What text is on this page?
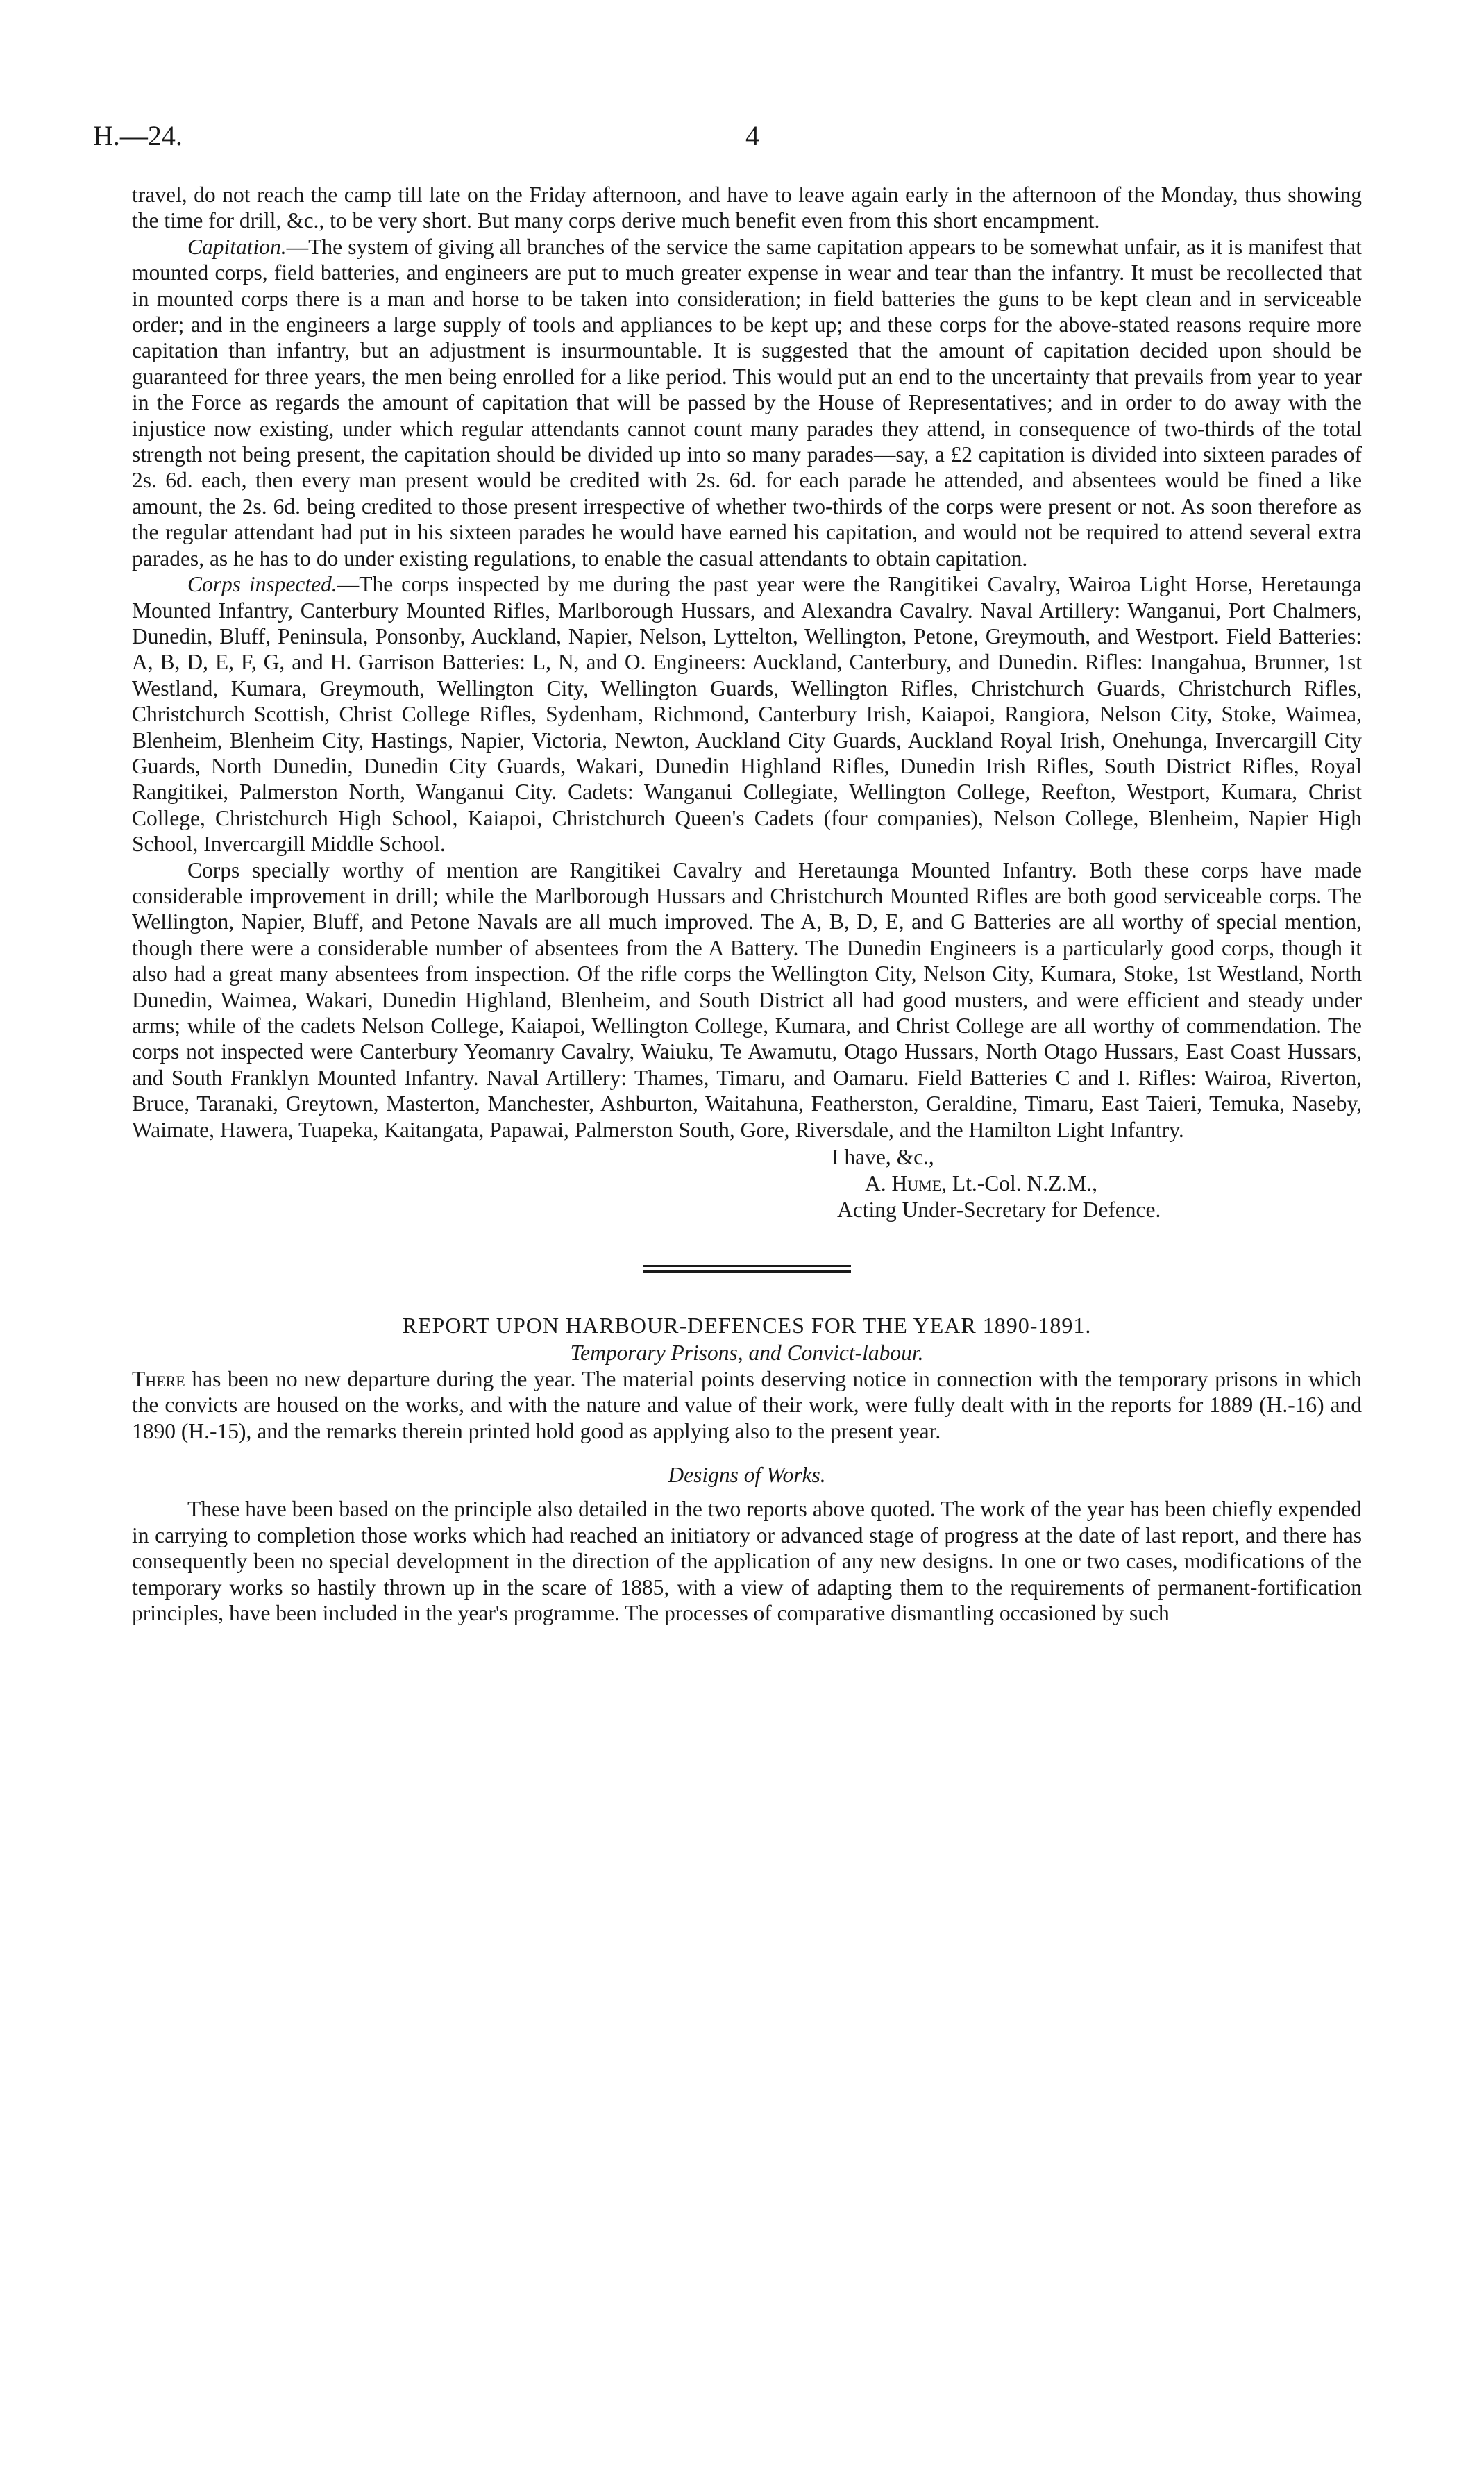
H.—24.	4

travel, do not reach the camp till late on the Friday afternoon, and have to leave again early in the afternoon of the Monday, thus showing the time for drill, &c., to be very short. But many corps derive much benefit even from this short encampment.

Capitation.—The system of giving all branches of the service the same capitation appears to be somewhat unfair, as it is manifest that mounted corps, field batteries, and engineers are put to much greater expense in wear and tear than the infantry. It must be recollected that in mounted corps there is a man and horse to be taken into consideration; in field batteries the guns to be kept clean and in serviceable order; and in the engineers a large supply of tools and appliances to be kept up; and these corps for the above-stated reasons require more capitation than infantry, but an adjustment is insurmountable. It is suggested that the amount of capitation decided upon should be guaranteed for three years, the men being enrolled for a like period. This would put an end to the uncertainty that prevails from year to year in the Force as regards the amount of capitation that will be passed by the House of Representatives; and in order to do away with the injustice now existing, under which regular attendants cannot count many parades they attend, in consequence of two-thirds of the total strength not being present, the capitation should be divided up into so many parades—say, a £2 capitation is divided into sixteen parades of 2s. 6d. each, then every man present would be credited with 2s. 6d. for each parade he attended, and absentees would be fined a like amount, the 2s. 6d. being credited to those present irrespective of whether two-thirds of the corps were present or not. As soon therefore as the regular attendant had put in his sixteen parades he would have earned his capitation, and would not be required to attend several extra parades, as he has to do under existing regulations, to enable the casual attendants to obtain capitation.

Corps inspected.—The corps inspected by me during the past year were the Rangitikei Cavalry, Wairoa Light Horse, Heretaunga Mounted Infantry, Canterbury Mounted Rifles, Marlborough Hussars, and Alexandra Cavalry. Naval Artillery: Wanganui, Port Chalmers, Dunedin, Bluff, Peninsula, Ponsonby, Auckland, Napier, Nelson, Lyttelton, Wellington, Petone, Greymouth, and Westport. Field Batteries: A, B, D, E, F, G, and H. Garrison Batteries: L, N, and O. Engineers: Auckland, Canterbury, and Dunedin. Rifles: Inangahua, Brunner, 1st Westland, Kumara, Greymouth, Wellington City, Wellington Guards, Wellington Rifles, Christchurch Guards, Christchurch Rifles, Christchurch Scottish, Christ College Rifles, Sydenham, Richmond, Canterbury Irish, Kaiapoi, Rangiora, Nelson City, Stoke, Waimea, Blenheim, Blenheim City, Hastings, Napier, Victoria, Newton, Auckland City Guards, Auckland Royal Irish, Onehunga, Invercargill City Guards, North Dunedin, Dunedin City Guards, Wakari, Dunedin Highland Rifles, Dunedin Irish Rifles, South District Rifles, Royal Rangitikei, Palmerston North, Wanganui City. Cadets: Wanganui Collegiate, Wellington College, Reefton, Westport, Kumara, Christ College, Christchurch High School, Kaiapoi, Christchurch Queen's Cadets (four companies), Nelson College, Blenheim, Napier High School, Invercargill Middle School.

Corps specially worthy of mention are Rangitikei Cavalry and Heretaunga Mounted Infantry. Both these corps have made considerable improvement in drill; while the Marlborough Hussars and Christchurch Mounted Rifles are both good serviceable corps. The Wellington, Napier, Bluff, and Petone Navals are all much improved. The A, B, D, E, and G Batteries are all worthy of special mention, though there were a considerable number of absentees from the A Battery. The Dunedin Engineers is a particularly good corps, though it also had a great many absentees from inspection. Of the rifle corps the Wellington City, Nelson City, Kumara, Stoke, 1st Westland, North Dunedin, Waimea, Wakari, Dunedin Highland, Blenheim, and South District all had good musters, and were efficient and steady under arms; while of the cadets Nelson College, Kaiapoi, Wellington College, Kumara, and Christ College are all worthy of commendation. The corps not inspected were Canterbury Yeomanry Cavalry, Waiuku, Te Awamutu, Otago Hussars, North Otago Hussars, East Coast Hussars, and South Franklyn Mounted Infantry. Naval Artillery: Thames, Timaru, and Oamaru. Field Batteries C and I. Rifles: Wairoa, Riverton, Bruce, Taranaki, Greytown, Masterton, Manchester, Ashburton, Waitahuna, Featherston, Geraldine, Timaru, East Taieri, Temuka, Naseby, Waimate, Hawera, Tuapeka, Kaitangata, Papawai, Palmerston South, Gore, Riversdale, and the Hamilton Light Infantry.

I have, &c.,
A. Hume, Lt.-Col. N.Z.M.,
Acting Under-Secretary for Defence.

REPORT UPON HARBOUR-DEFENCES FOR THE YEAR 1890-1891.

Temporary Prisons, and Convict-labour.

There has been no new departure during the year. The material points deserving notice in connection with the temporary prisons in which the convicts are housed on the works, and with the nature and value of their work, were fully dealt with in the reports for 1889 (H.-16) and 1890 (H.-15), and the remarks therein printed hold good as applying also to the present year.

Designs of Works.

These have been based on the principle also detailed in the two reports above quoted. The work of the year has been chiefly expended in carrying to completion those works which had reached an initiatory or advanced stage of progress at the date of last report, and there has consequently been no special development in the direction of the application of any new designs. In one or two cases, modifications of the temporary works so hastily thrown up in the scare of 1885, with a view of adapting them to the requirements of permanent-fortification principles, have been included in the year's programme. The processes of comparative dismantling occasioned by such
